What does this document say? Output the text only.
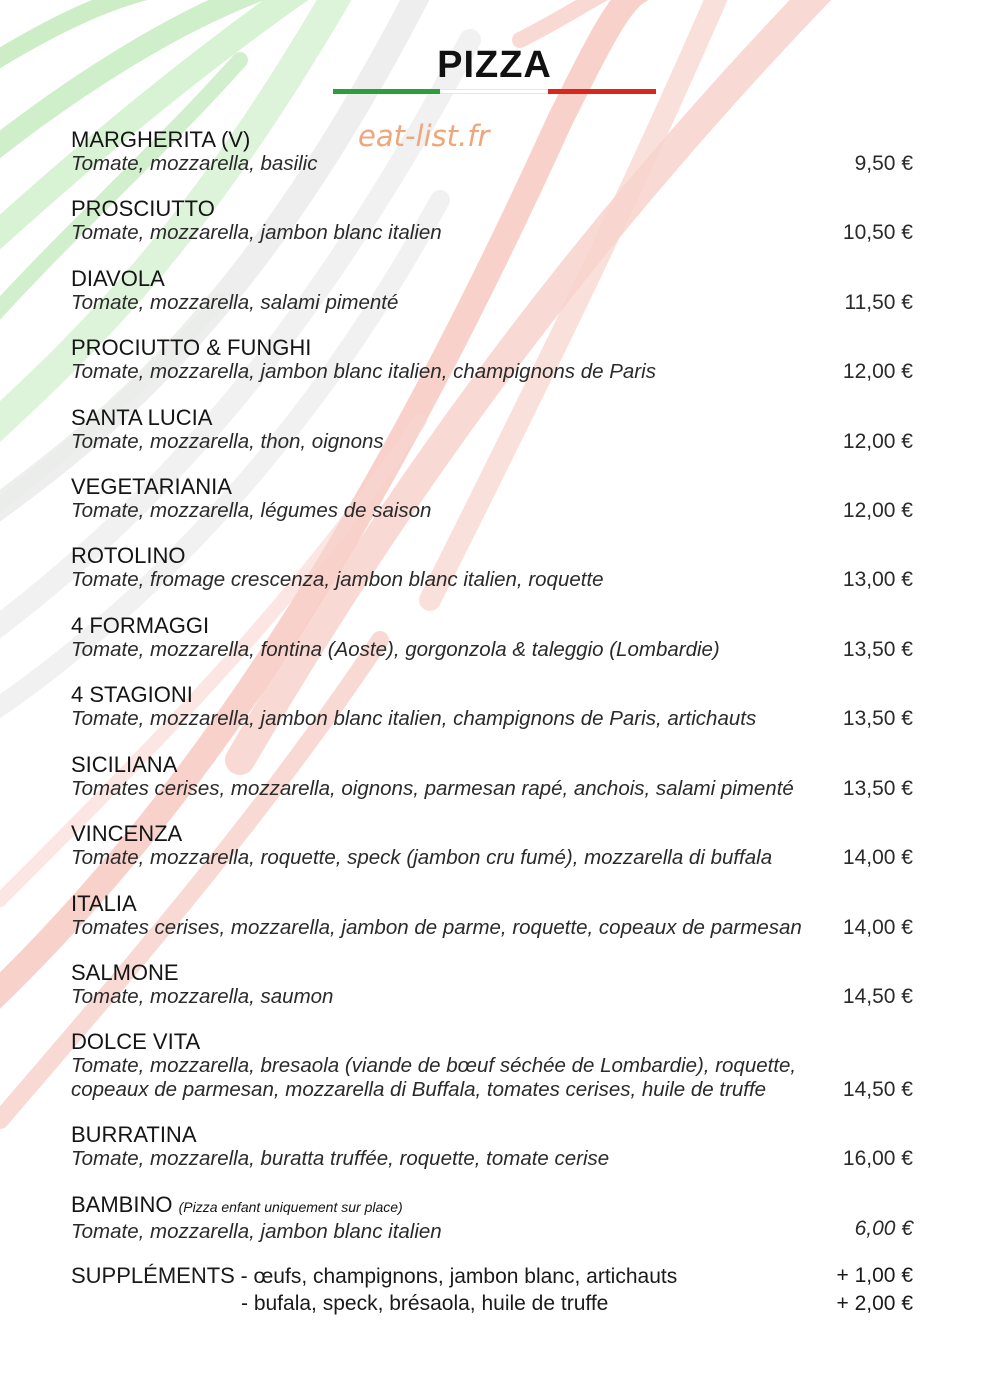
PIZZA
eat-list.fr
MARGHERITA (V)
Tomate, mozzarella, basilic	9,50 €
PROSCIUTTO
Tomate, mozzarella, jambon blanc italien	10,50 €
DIAVOLA
Tomate, mozzarella, salami pimenté	11,50 €
PROCIUTTO & FUNGHI
Tomate, mozzarella, jambon blanc italien, champignons de Paris	12,00 €
SANTA LUCIA
Tomate, mozzarella, thon, oignons	12,00 €
VEGETARIANIA
Tomate, mozzarella, légumes de saison	12,00 €
ROTOLINO
Tomate, fromage crescenza, jambon blanc italien, roquette	13,00 €
4 FORMAGGI
Tomate, mozzarella, fontina (Aoste), gorgonzola & taleggio (Lombardie)	13,50 €
4 STAGIONI
Tomate, mozzarella, jambon blanc italien, champignons de Paris, artichauts	13,50 €
SICILIANA
Tomates cerises, mozzarella, oignons, parmesan rapé, anchois, salami pimenté	13,50 €
VINCENZA
Tomate, mozzarella, roquette, speck (jambon cru fumé), mozzarella di buffala	14,00 €
ITALIA
Tomates cerises, mozzarella, jambon de parme, roquette, copeaux de parmesan	14,00 €
SALMONE
Tomate, mozzarella, saumon	14,50 €
DOLCE VITA
Tomate, mozzarella, bresaola (viande de bœuf séchée de Lombardie), roquette,
copeaux de parmesan, mozzarella di Buffala, tomates cerises, huile de truffe	14,50 €
BURRATINA
Tomate, mozzarella, buratta truffée, roquette, tomate cerise	16,00 €
BAMBINO (Pizza enfant uniquement sur place)
Tomate, mozzarella, jambon blanc italien	6,00 €
SUPPLÉMENTS - œufs, champignons, jambon blanc, artichauts	+ 1,00 €
- bufala, speck, brésaola, huile de truffe	+ 2,00 €
